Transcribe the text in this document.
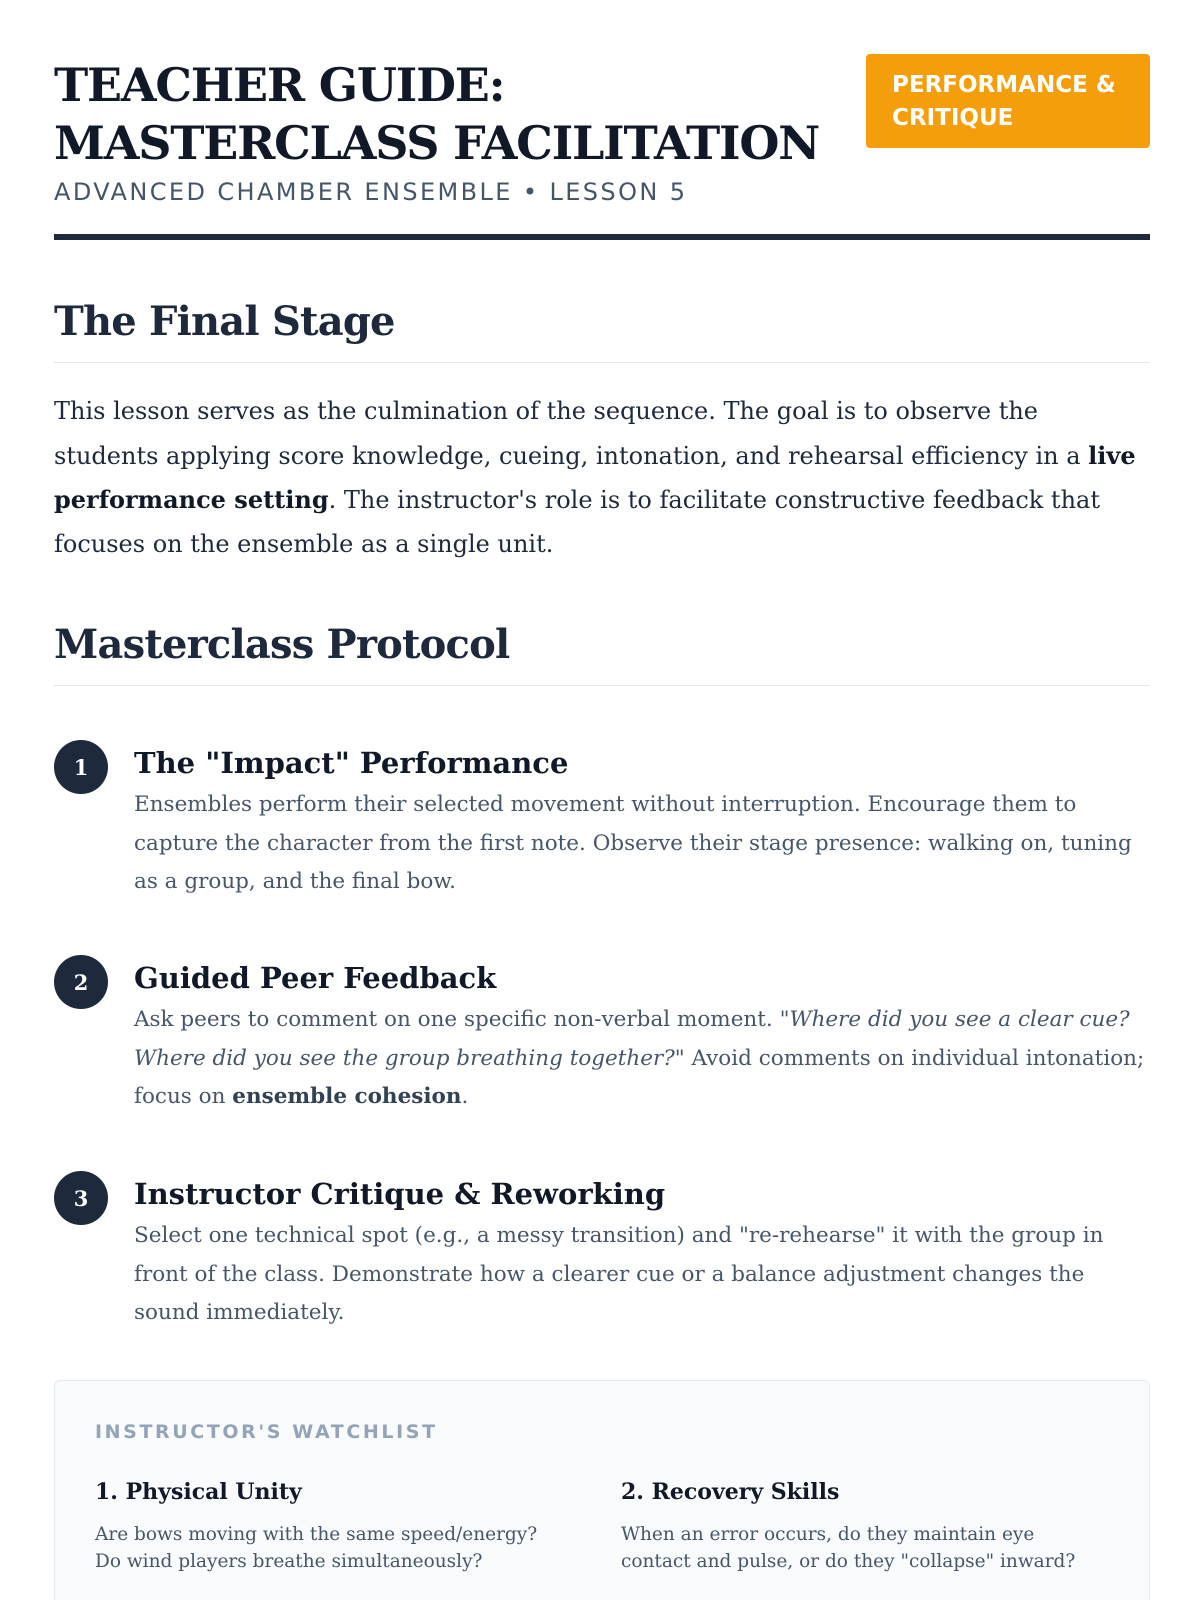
TEACHER GUIDE: MASTERCLASS FACILITATION
ADVANCED CHAMBER ENSEMBLE • LESSON 5
PERFORMANCE & CRITIQUE
The Final Stage

This lesson serves as the culmination of the sequence. The goal is to observe the students applying score knowledge, cueing, intonation, and rehearsal efficiency in a live performance setting. The instructor's role is to facilitate constructive feedback that focuses on the ensemble as a single unit.

Masterclass Protocol
1	The "Impact" Performance

Ensembles perform their selected movement without interruption. Encourage them to capture the character from the first note. Observe their stage presence: walking on, tuning as a group, and the final bow.

2	Guided Peer Feedback

Ask peers to comment on one specific non-verbal moment. "Where did you see a clear cue? Where did you see the group breathing together?" Avoid comments on individual intonation; focus on ensemble cohesion.

3	Instructor Critique & Reworking

Select one technical spot (e.g., a messy transition) and "re-rehearse" it with the group in front of the class. Demonstrate how a clearer cue or a balance adjustment changes the sound immediately.

INSTRUCTOR'S WATCHLIST
1. Physical Unity

Are bows moving with the same speed/energy? Do wind players breathe simultaneously?

2. Recovery Skills

When an error occurs, do they maintain eye contact and pulse, or do they "collapse" inward?
